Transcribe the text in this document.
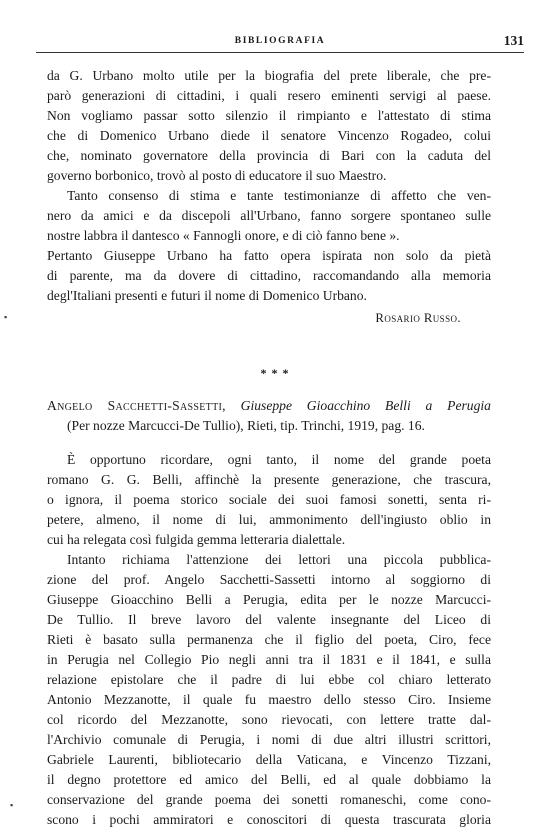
BIBLIOGRAFIA	131
da G. Urbano molto utile per la biografia del prete liberale, che pre-
parò generazioni di cittadini, i quali resero eminenti servigi al paese.
Non vogliamo passar sotto silenzio il rimpianto e l'attestato di stima
che di Domenico Urbano diede il senatore Vincenzo Rogadeo, colui
che, nominato governatore della provincia di Bari con la caduta del
governo borbonico, trovò al posto di educatore il suo Maestro.
Tanto consenso di stima e tante testimonianze di affetto che ven-
nero da amici e da discepoli all'Urbano, fanno sorgere spontaneo sulle
nostre labbra il dantesco « Fannogli onore, e di ciò fanno bene ».
Pertanto Giuseppe Urbano ha fatto opera ispirata non solo da pietà
di parente, ma da dovere di cittadino, raccomandando alla memoria
degl'Italiani presenti e futuri il nome di Domenico Urbano.
Rosario Russo.
* * *
Angelo Sacchetti-Sassetti, Giuseppe Gioacchino Belli a Perugia
(Per nozze Marcucci-De Tullio), Rieti, tip. Trinchi, 1919, pag. 16.
È opportuno ricordare, ogni tanto, il nome del grande poeta
romano G. G. Belli, affinchè la presente generazione, che trascura,
o ignora, il poema storico sociale dei suoi famosi sonetti, senta ri-
petere, almeno, il nome di lui, ammonimento dell'ingiusto oblio in
cui ha relegata così fulgida gemma letteraria dialettale.
Intanto richiama l'attenzione dei lettori una piccola pubblica-
zione del prof. Angelo Sacchetti-Sassetti intorno al soggiorno di
Giuseppe Gioacchino Belli a Perugia, edita per le nozze Marcucci-
De Tullio. Il breve lavoro del valente insegnante del Liceo di
Rieti è basato sulla permanenza che il figlio del poeta, Ciro, fece
in Perugia nel Collegio Pio negli anni tra il 1831 e il 1841, e sulla
relazione epistolare che il padre di lui ebbe col chiaro letterato
Antonio Mezzanotte, il quale fu maestro dello stesso Ciro. Insieme
col ricordo del Mezzanotte, sono rievocati, con lettere tratte dal-
l'Archivio comunale di Perugia, i nomi di due altri illustri scrittori,
Gabriele Laurenti, bibliotecario della Vaticana, e Vincenzo Tizzani,
il degno protettore ed amico del Belli, ed al quale dobbiamo la
conservazione del grande poema dei sonetti romaneschi, come cono-
scono i pochi ammiratori e conoscitori di questa trascurata gloria
▪
▪
